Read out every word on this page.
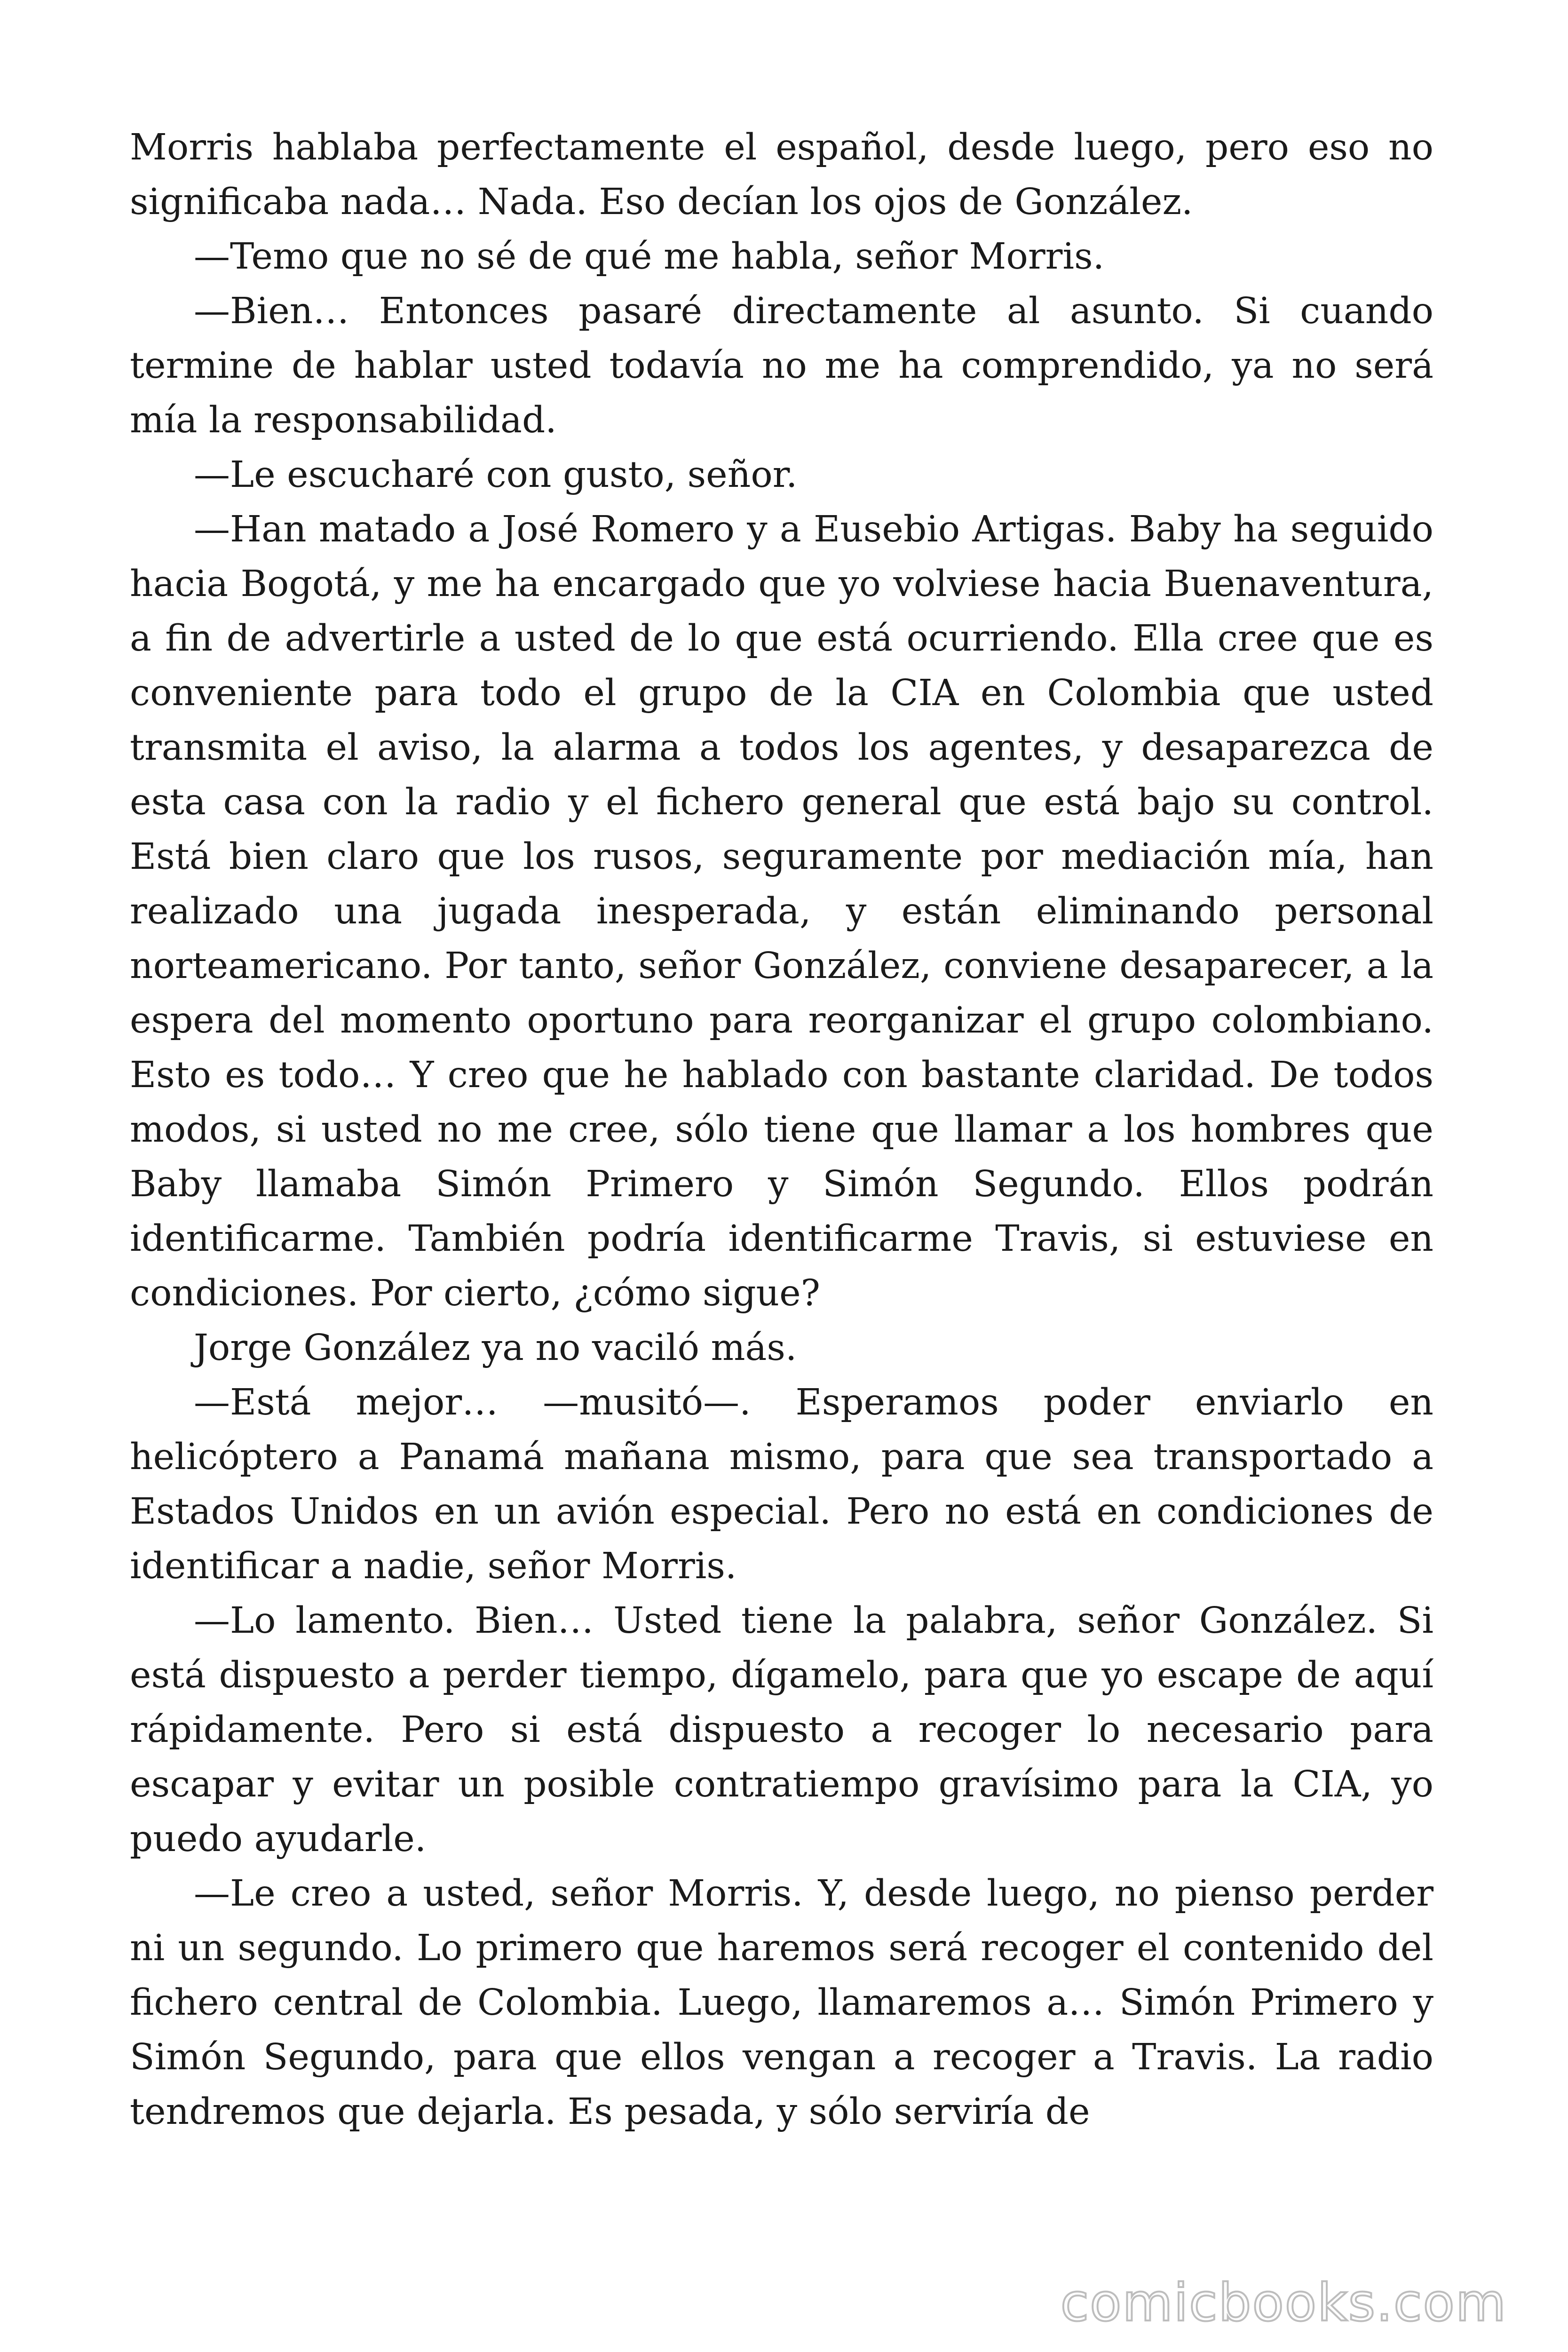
Morris hablaba perfectamente el español, desde luego, pero eso no significaba nada… Nada. Eso decían los ojos de González.

—Temo que no sé de qué me habla, señor Morris.

—Bien… Entonces pasaré directamente al asunto. Si cuando termine de hablar usted todavía no me ha comprendido, ya no será mía la responsabilidad.

—Le escucharé con gusto, señor.

—Han matado a José Romero y a Eusebio Artigas. Baby ha seguido hacia Bogotá, y me ha encargado que yo volviese hacia Buenaventura, a fin de advertirle a usted de lo que está ocurriendo. Ella cree que es conveniente para todo el grupo de la CIA en Colombia que usted transmita el aviso, la alarma a todos los agentes, y desaparezca de esta casa con la radio y el fichero general que está bajo su control. Está bien claro que los rusos, seguramente por mediación mía, han realizado una jugada inesperada, y están eliminando personal norteamericano. Por tanto, señor González, conviene desaparecer, a la espera del momento oportuno para reorganizar el grupo colombiano. Esto es todo… Y creo que he hablado con bastante claridad. De todos modos, si usted no me cree, sólo tiene que llamar a los hombres que Baby llamaba Simón Primero y Simón Segundo. Ellos podrán identificarme. También podría identificarme Travis, si estuviese en condiciones. Por cierto, ¿cómo sigue?

Jorge González ya no vaciló más.

—Está mejor… —musitó—. Esperamos poder enviarlo en helicóptero a Panamá mañana mismo, para que sea transportado a Estados Unidos en un avión especial. Pero no está en condiciones de identificar a nadie, señor Morris.

—Lo lamento. Bien… Usted tiene la palabra, señor González. Si está dispuesto a perder tiempo, dígamelo, para que yo escape de aquí rápidamente. Pero si está dispuesto a recoger lo necesario para escapar y evitar un posible contratiempo gravísimo para la CIA, yo puedo ayudarle.

—Le creo a usted, señor Morris. Y, desde luego, no pienso perder ni un segundo. Lo primero que haremos será recoger el contenido del fichero central de Colombia. Luego, llamaremos a… Simón Primero y Simón Segundo, para que ellos vengan a recoger a Travis. La radio tendremos que dejarla. Es pesada, y sólo serviría de

comicbooks.com
